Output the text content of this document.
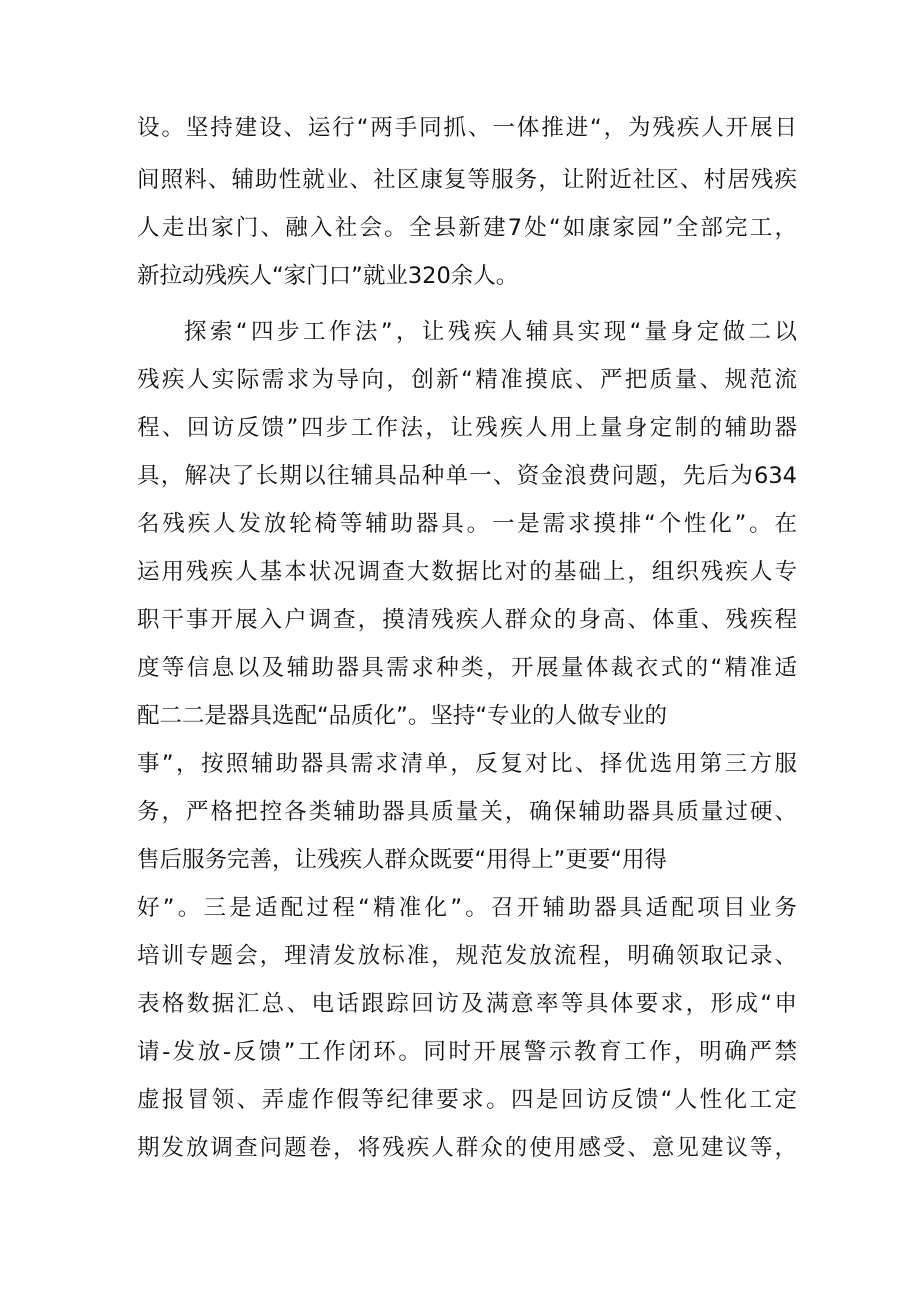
设。坚持建设、运行“两手同抓、一体推进“，为残疾人开展日
间照料、辅助性就业、社区康复等服务，让附近社区、村居残疾
人走出家门、融入社会。全县新建7处“如康家园”全部完工，
新拉动残疾人“家门口”就业320余人。
探索“四步工作法”，让残疾人辅具实现“量身定做二以
残疾人实际需求为导向，创新“精准摸底、严把质量、规范流
程、回访反馈”四步工作法，让残疾人用上量身定制的辅助器
具，解决了长期以往辅具品种单一、资金浪费问题，先后为634
名残疾人发放轮椅等辅助器具。一是需求摸排“个性化”。在
运用残疾人基本状况调查大数据比对的基础上，组织残疾人专
职干事开展入户调查，摸清残疾人群众的身高、体重、残疾程
度等信息以及辅助器具需求种类，开展量体裁衣式的“精准适
配二二是器具选配“品质化”。坚持“专业的人做专业的
事”，按照辅助器具需求清单，反复对比、择优选用第三方服
务，严格把控各类辅助器具质量关，确保辅助器具质量过硬、
售后服务完善，让残疾人群众既要“用得上”更要“用得
好”。三是适配过程“精准化”。召开辅助器具适配项目业务
培训专题会，理清发放标准，规范发放流程，明确领取记录、
表格数据汇总、电话跟踪回访及满意率等具体要求，形成“申
请-发放-反馈”工作闭环。同时开展警示教育工作，明确严禁
虚报冒领、弄虚作假等纪律要求。四是回访反馈“人性化工定
期发放调查问题卷，将残疾人群众的使用感受、意见建议等，
